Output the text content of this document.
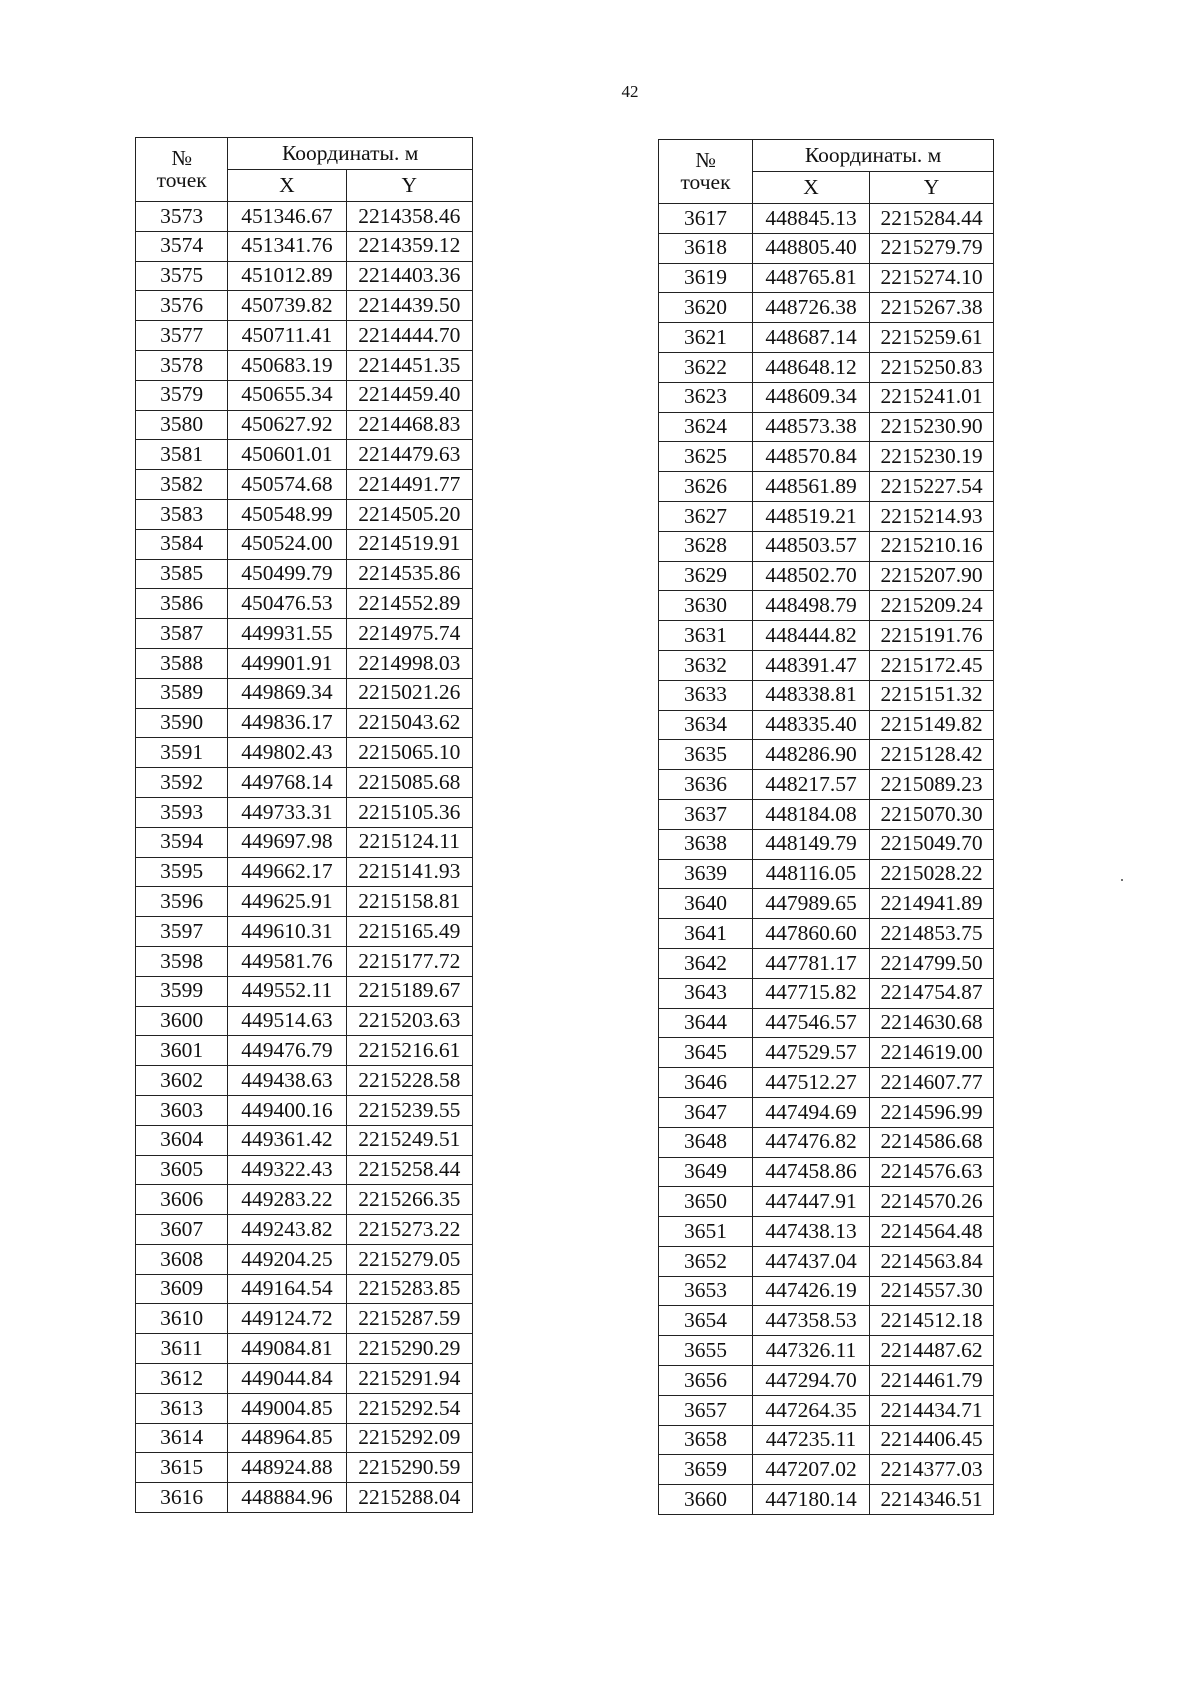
42
№
точек	Координаты. м	
	X	Y
3573	451346.67	2214358.46
3574	451341.76	2214359.12
3575	451012.89	2214403.36
3576	450739.82	2214439.50
3577	450711.41	2214444.70
3578	450683.19	2214451.35
3579	450655.34	2214459.40
3580	450627.92	2214468.83
3581	450601.01	2214479.63
3582	450574.68	2214491.77
3583	450548.99	2214505.20
3584	450524.00	2214519.91
3585	450499.79	2214535.86
3586	450476.53	2214552.89
3587	449931.55	2214975.74
3588	449901.91	2214998.03
3589	449869.34	2215021.26
3590	449836.17	2215043.62
3591	449802.43	2215065.10
3592	449768.14	2215085.68
3593	449733.31	2215105.36
3594	449697.98	2215124.11
3595	449662.17	2215141.93
3596	449625.91	2215158.81
3597	449610.31	2215165.49
3598	449581.76	2215177.72
3599	449552.11	2215189.67
3600	449514.63	2215203.63
3601	449476.79	2215216.61
3602	449438.63	2215228.58
3603	449400.16	2215239.55
3604	449361.42	2215249.51
3605	449322.43	2215258.44
3606	449283.22	2215266.35
3607	449243.82	2215273.22
3608	449204.25	2215279.05
3609	449164.54	2215283.85
3610	449124.72	2215287.59
3611	449084.81	2215290.29
3612	449044.84	2215291.94
3613	449004.85	2215292.54
3614	448964.85	2215292.09
3615	448924.88	2215290.59
3616	448884.96	2215288.04
№
точек	Координаты. м	
	X	Y
3617	448845.13	2215284.44
3618	448805.40	2215279.79
3619	448765.81	2215274.10
3620	448726.38	2215267.38
3621	448687.14	2215259.61
3622	448648.12	2215250.83
3623	448609.34	2215241.01
3624	448573.38	2215230.90
3625	448570.84	2215230.19
3626	448561.89	2215227.54
3627	448519.21	2215214.93
3628	448503.57	2215210.16
3629	448502.70	2215207.90
3630	448498.79	2215209.24
3631	448444.82	2215191.76
3632	448391.47	2215172.45
3633	448338.81	2215151.32
3634	448335.40	2215149.82
3635	448286.90	2215128.42
3636	448217.57	2215089.23
3637	448184.08	2215070.30
3638	448149.79	2215049.70
3639	448116.05	2215028.22
3640	447989.65	2214941.89
3641	447860.60	2214853.75
3642	447781.17	2214799.50
3643	447715.82	2214754.87
3644	447546.57	2214630.68
3645	447529.57	2214619.00
3646	447512.27	2214607.77
3647	447494.69	2214596.99
3648	447476.82	2214586.68
3649	447458.86	2214576.63
3650	447447.91	2214570.26
3651	447438.13	2214564.48
3652	447437.04	2214563.84
3653	447426.19	2214557.30
3654	447358.53	2214512.18
3655	447326.11	2214487.62
3656	447294.70	2214461.79
3657	447264.35	2214434.71
3658	447235.11	2214406.45
3659	447207.02	2214377.03
3660	447180.14	2214346.51
